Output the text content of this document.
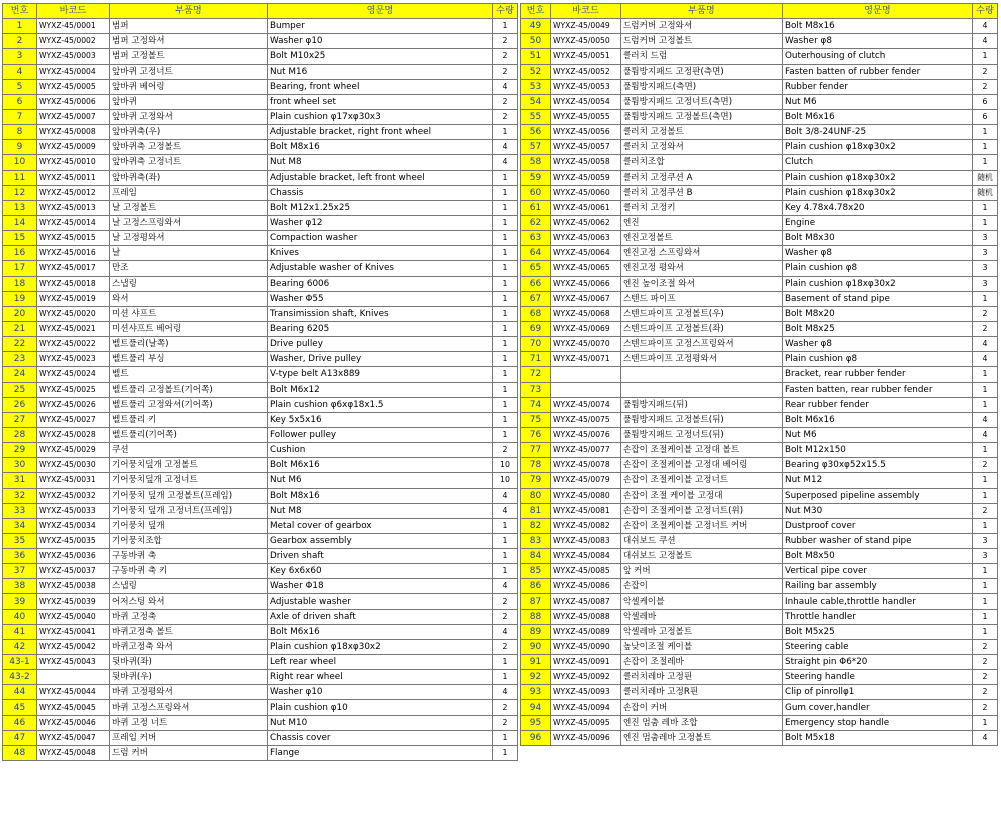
번호	바코드	부품명	영문명	수량
1	WYXZ-45/0001	범퍼	Bumper	1
2	WYXZ-45/0002	범퍼 고정와셔	Washer φ10	2
3	WYXZ-45/0003	범퍼 고정볼트	Bolt M10x25	2
4	WYXZ-45/0004	앞바퀴 고정너트	Nut M16	2
5	WYXZ-45/0005	앞바퀴 베어링	Bearing, front wheel	4
6	WYXZ-45/0006	앞바퀴	front wheel set	2
7	WYXZ-45/0007	앞바퀴 고정와셔	Plain cushion φ17xφ30x3	2
8	WYXZ-45/0008	앞바퀴축(우)	Adjustable bracket, right front wheel	1
9	WYXZ-45/0009	앞바퀴축 고정볼트	Bolt M8x16	4
10	WYXZ-45/0010	앞바퀴축 고정너트	Nut M8	4
11	WYXZ-45/0011	앞바퀴축(좌)	Adjustable bracket, left front wheel	1
12	WYXZ-45/0012	프레임	Chassis	1
13	WYXZ-45/0013	날 고정볼트	Bolt M12x1.25x25	1
14	WYXZ-45/0014	날 고정스프링와셔	Washer φ12	1
15	WYXZ-45/0015	날 고정평와셔	Compaction washer	1
16	WYXZ-45/0016	날	Knives	1
17	WYXZ-45/0017	만조	Adjustable washer of Knives	1
18	WYXZ-45/0018	스냅링	Bearing 6006	1
19	WYXZ-45/0019	와셔	Washer Φ55	1
20	WYXZ-45/0020	미션 샤프트	Transimission shaft, Knives	1
21	WYXZ-45/0021	미션샤프트 베어링	Bearing 6205	1
22	WYXZ-45/0022	벨트풀리(날쪽)	Drive pulley	1
23	WYXZ-45/0023	벨트풀리 부싱	Washer, Drive pulley	1
24	WYXZ-45/0024	벨트	V-type belt A13x889	1
25	WYXZ-45/0025	벨트풀리 고정볼트(기어쪽)	Bolt M6x12	1
26	WYXZ-45/0026	벨트풀리 고정와셔(기어쪽)	Plain cushion φ6xφ18x1.5	1
27	WYXZ-45/0027	벨트풀리 키	Key 5x5x16	1
28	WYXZ-45/0028	벨트풀리(기어쪽)	Follower pulley	1
29	WYXZ-45/0029	쿠션	Cushion	2
30	WYXZ-45/0030	기어뭉치덮개 고정볼트	Bolt M6x16	10
31	WYXZ-45/0031	기어뭉치덮개 고정너트	Nut M6	10
32	WYXZ-45/0032	기어뭉치 덮개 고정볼트(프레임)	Bolt M8x16	4
33	WYXZ-45/0033	기어뭉치 덮개 고정너트(프레임)	Nut M8	4
34	WYXZ-45/0034	기어뭉치 덮개	Metal cover of gearbox	1
35	WYXZ-45/0035	기어뭉치조합	Gearbox assembly	1
36	WYXZ-45/0036	구동바퀴 축	Driven shaft	1
37	WYXZ-45/0037	구동바퀴 축 키	Key 6x6x60	1
38	WYXZ-45/0038	스냅링	Washer Φ18	4
39	WYXZ-45/0039	어저스팅 와셔	Adjustable washer	2
40	WYXZ-45/0040	바퀴 고정축	Axle of driven shaft	2
41	WYXZ-45/0041	바퀴고정축 볼트	Bolt M6x16	4
42	WYXZ-45/0042	바퀴고정축 와셔	Plain cushion φ18xφ30x2	2
43-1	WYXZ-45/0043	뒷바퀴(좌)	Left rear wheel	1
43-2		뒷바퀴(우)	Right rear wheel	1
44	WYXZ-45/0044	바퀴 고정평와셔	Washer φ10	4
45	WYXZ-45/0045	바퀴 고정스프링와셔	Plain cushion φ10	2
46	WYXZ-45/0046	바퀴 고정 너트	Nut M10	2
47	WYXZ-45/0047	프레임 커버	Chassis cover	1
48	WYXZ-45/0048	드럼 커버	Flange	1
번호	바코드	부품명	영문명	수량
49	WYXZ-45/0049	드럼커버 고정와셔	Bolt M8x16	4
50	WYXZ-45/0050	드럼커버 고정볼트	Washer φ8	4
51	WYXZ-45/0051	클러치 드럼	Outerhousing of clutch	1
52	WYXZ-45/0052	풀튐방지패드 고정판(측면)	Fasten batten of rubber fender	2
53	WYXZ-45/0053	풀튐방지패드(측면)	Rubber fender	2
54	WYXZ-45/0054	풀튐방지패드 고정너트(측면)	Nut M6	6
55	WYXZ-45/0055	풀튐방지패드 고정볼트(측면)	Bolt M6x16	6
56	WYXZ-45/0056	클러치 고정볼트	Bolt 3/8-24UNF-25	1
57	WYXZ-45/0057	클러치 고정와셔	Plain cushion φ18xφ30x2	1
58	WYXZ-45/0058	클러치조합	Clutch	1
59	WYXZ-45/0059	클러치 고정쿠션 A	Plain cushion φ18xφ30x2	随机
60	WYXZ-45/0060	클러치 고정쿠션 B	Plain cushion φ18xφ30x2	随机
61	WYXZ-45/0061	클러치 고정키	Key 4.78x4.78x20	1
62	WYXZ-45/0062	엔진	Engine	1
63	WYXZ-45/0063	엔진고정볼트	Bolt M8x30	3
64	WYXZ-45/0064	엔진고정 스프링와셔	Washer φ8	3
65	WYXZ-45/0065	엔진고정 평와셔	Plain cushion φ8	3
66	WYXZ-45/0066	엔진 높이조절 와셔	Plain cushion φ18xφ30x2	3
67	WYXZ-45/0067	스텐드 파이프	Basement of stand pipe	1
68	WYXZ-45/0068	스텐드파이프 고정볼트(우)	Bolt M8x20	2
69	WYXZ-45/0069	스텐드파이프 고정볼트(좌)	Bolt M8x25	2
70	WYXZ-45/0070	스텐드파이프 고정스프링와셔	Washer φ8	4
71	WYXZ-45/0071	스텐드파이프 고정평와셔	Plain cushion φ8	4
72			Bracket, rear rubber fender	1
73			Fasten batten, rear rubber fender	1
74	WYXZ-45/0074	풀튐방지패드(뒤)	Rear rubber fender	1
75	WYXZ-45/0075	풀튐방지패드 고정볼트(뒤)	Bolt M6x16	4
76	WYXZ-45/0076	풀튐방지패드 고정너트(뒤)	Nut M6	4
77	WYXZ-45/0077	손잡이 조절케이블 고정대 볼트	Bolt M12x150	1
78	WYXZ-45/0078	손잡이 조절케이블 고정대 베어링	Bearing φ30xφ52x15.5	2
79	WYXZ-45/0079	손잡이 조절케이블 고정너트	Nut M12	1
80	WYXZ-45/0080	손잡이 조절 케이블 고정대	Superposed pipeline assembly	1
81	WYXZ-45/0081	손잡이 조절케이블 고정너트(위)	Nut M30	2
82	WYXZ-45/0082	손잡이 조절케이블 고정너트 커버	Dustproof cover	1
83	WYXZ-45/0083	대쉬보드 쿠션	Rubber washer of stand pipe	3
84	WYXZ-45/0084	대쉬보드 고정볼트	Bolt M8x50	3
85	WYXZ-45/0085	앞 커버	Vertical pipe cover	1
86	WYXZ-45/0086	손잡이	Railing bar assembly	1
87	WYXZ-45/0087	악셀케이블	Inhaule cable,throttle handler	1
88	WYXZ-45/0088	악셀레바	Throttle handler	1
89	WYXZ-45/0089	악셀레바 고정볼트	Bolt M5x25	1
90	WYXZ-45/0090	높낮이조절 케이블	Steering cable	2
91	WYXZ-45/0091	손잡이 조절레바	Straight pin Φ6*20	2
92	WYXZ-45/0092	클러치레바 고정핀	Steering handle	2
93	WYXZ-45/0093	클러치레바 고정R핀	Clip of pinrollφ1	2
94	WYXZ-45/0094	손잡이 커버	Gum cover,handler	2
95	WYXZ-45/0095	엔진 멈춤 레바 조합	Emergency stop handle	1
96	WYXZ-45/0096	엔진 멈춤레바 고정볼트	Bolt M5x18	4
